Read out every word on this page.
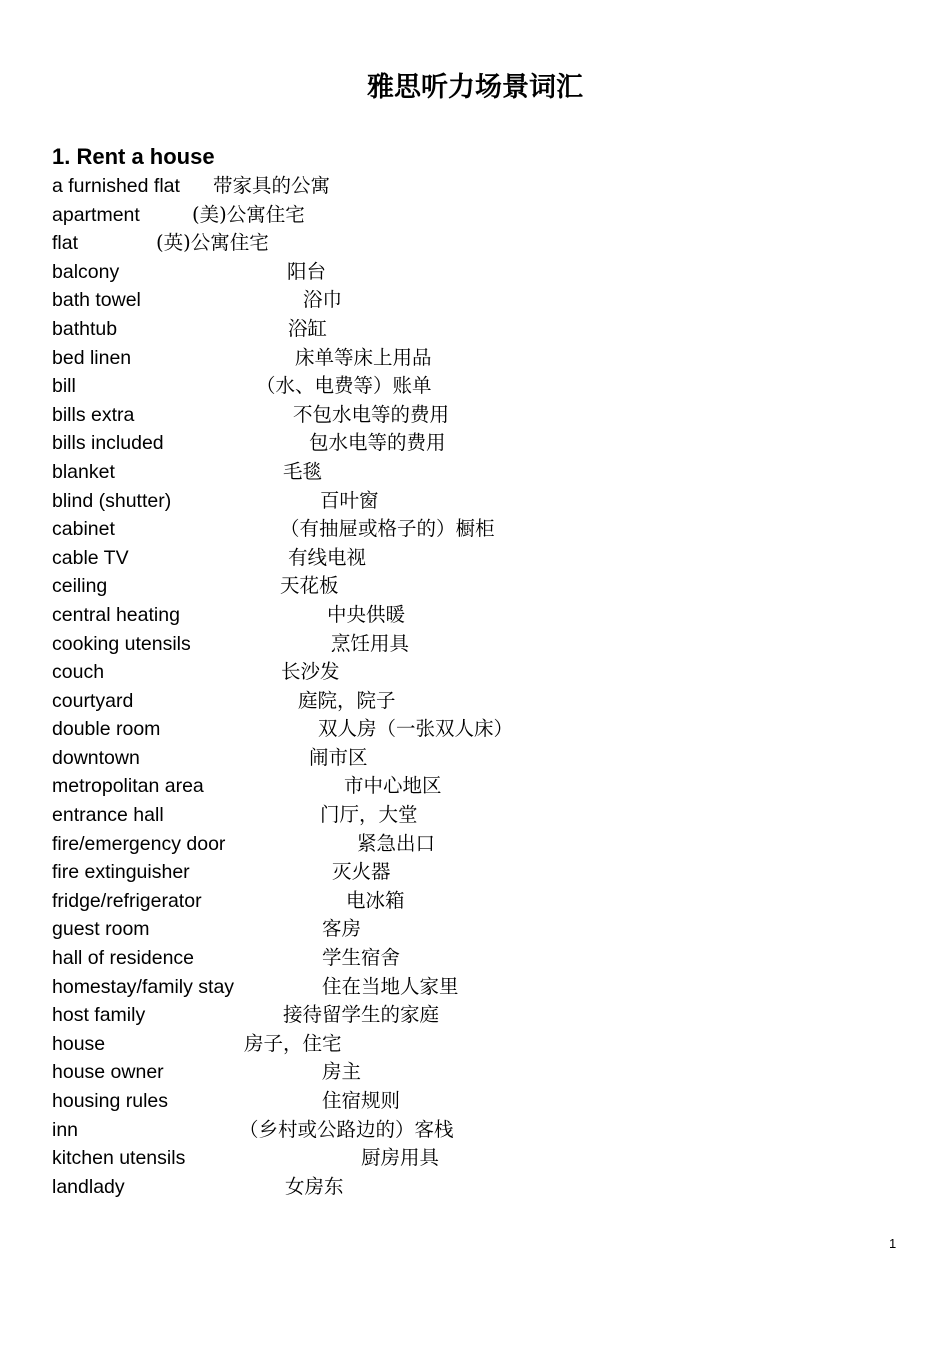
雅思听力场景词汇
1. Rent a house
a furnished flat 带家具的公寓
apartment	(美)公寓住宅
flat	(英)公寓住宅
balcony	阳台
bath towel	浴巾
bathtub	浴缸
bed linen	床单等床上用品
bill	（水、电费等）账单
bills extra	不包水电等的费用
bills included	包水电等的费用
blanket	毛毯
blind (shutter)	百叶窗
cabinet	（有抽屉或格子的）橱柜
cable TV	有线电视
ceiling	天花板
central heating	中央供暖
cooking utensils	烹饪用具
couch	长沙发
courtyard	庭院，院子
double room	双人房（一张双人床）
downtown	闹市区
metropolitan area	市中心地区
entrance hall	门厅，大堂
fire/emergency door	紧急出口
fire extinguisher	灭火器
fridge/refrigerator	电冰箱
guest room	客房
hall of residence	学生宿舍
homestay/family stay	住在当地人家里
host family	接待留学生的家庭
house	房子，住宅
house owner	房主
housing rules	住宿规则
inn	（乡村或公路边的）客栈
kitchen utensils	厨房用具
landlady	女房东
1
